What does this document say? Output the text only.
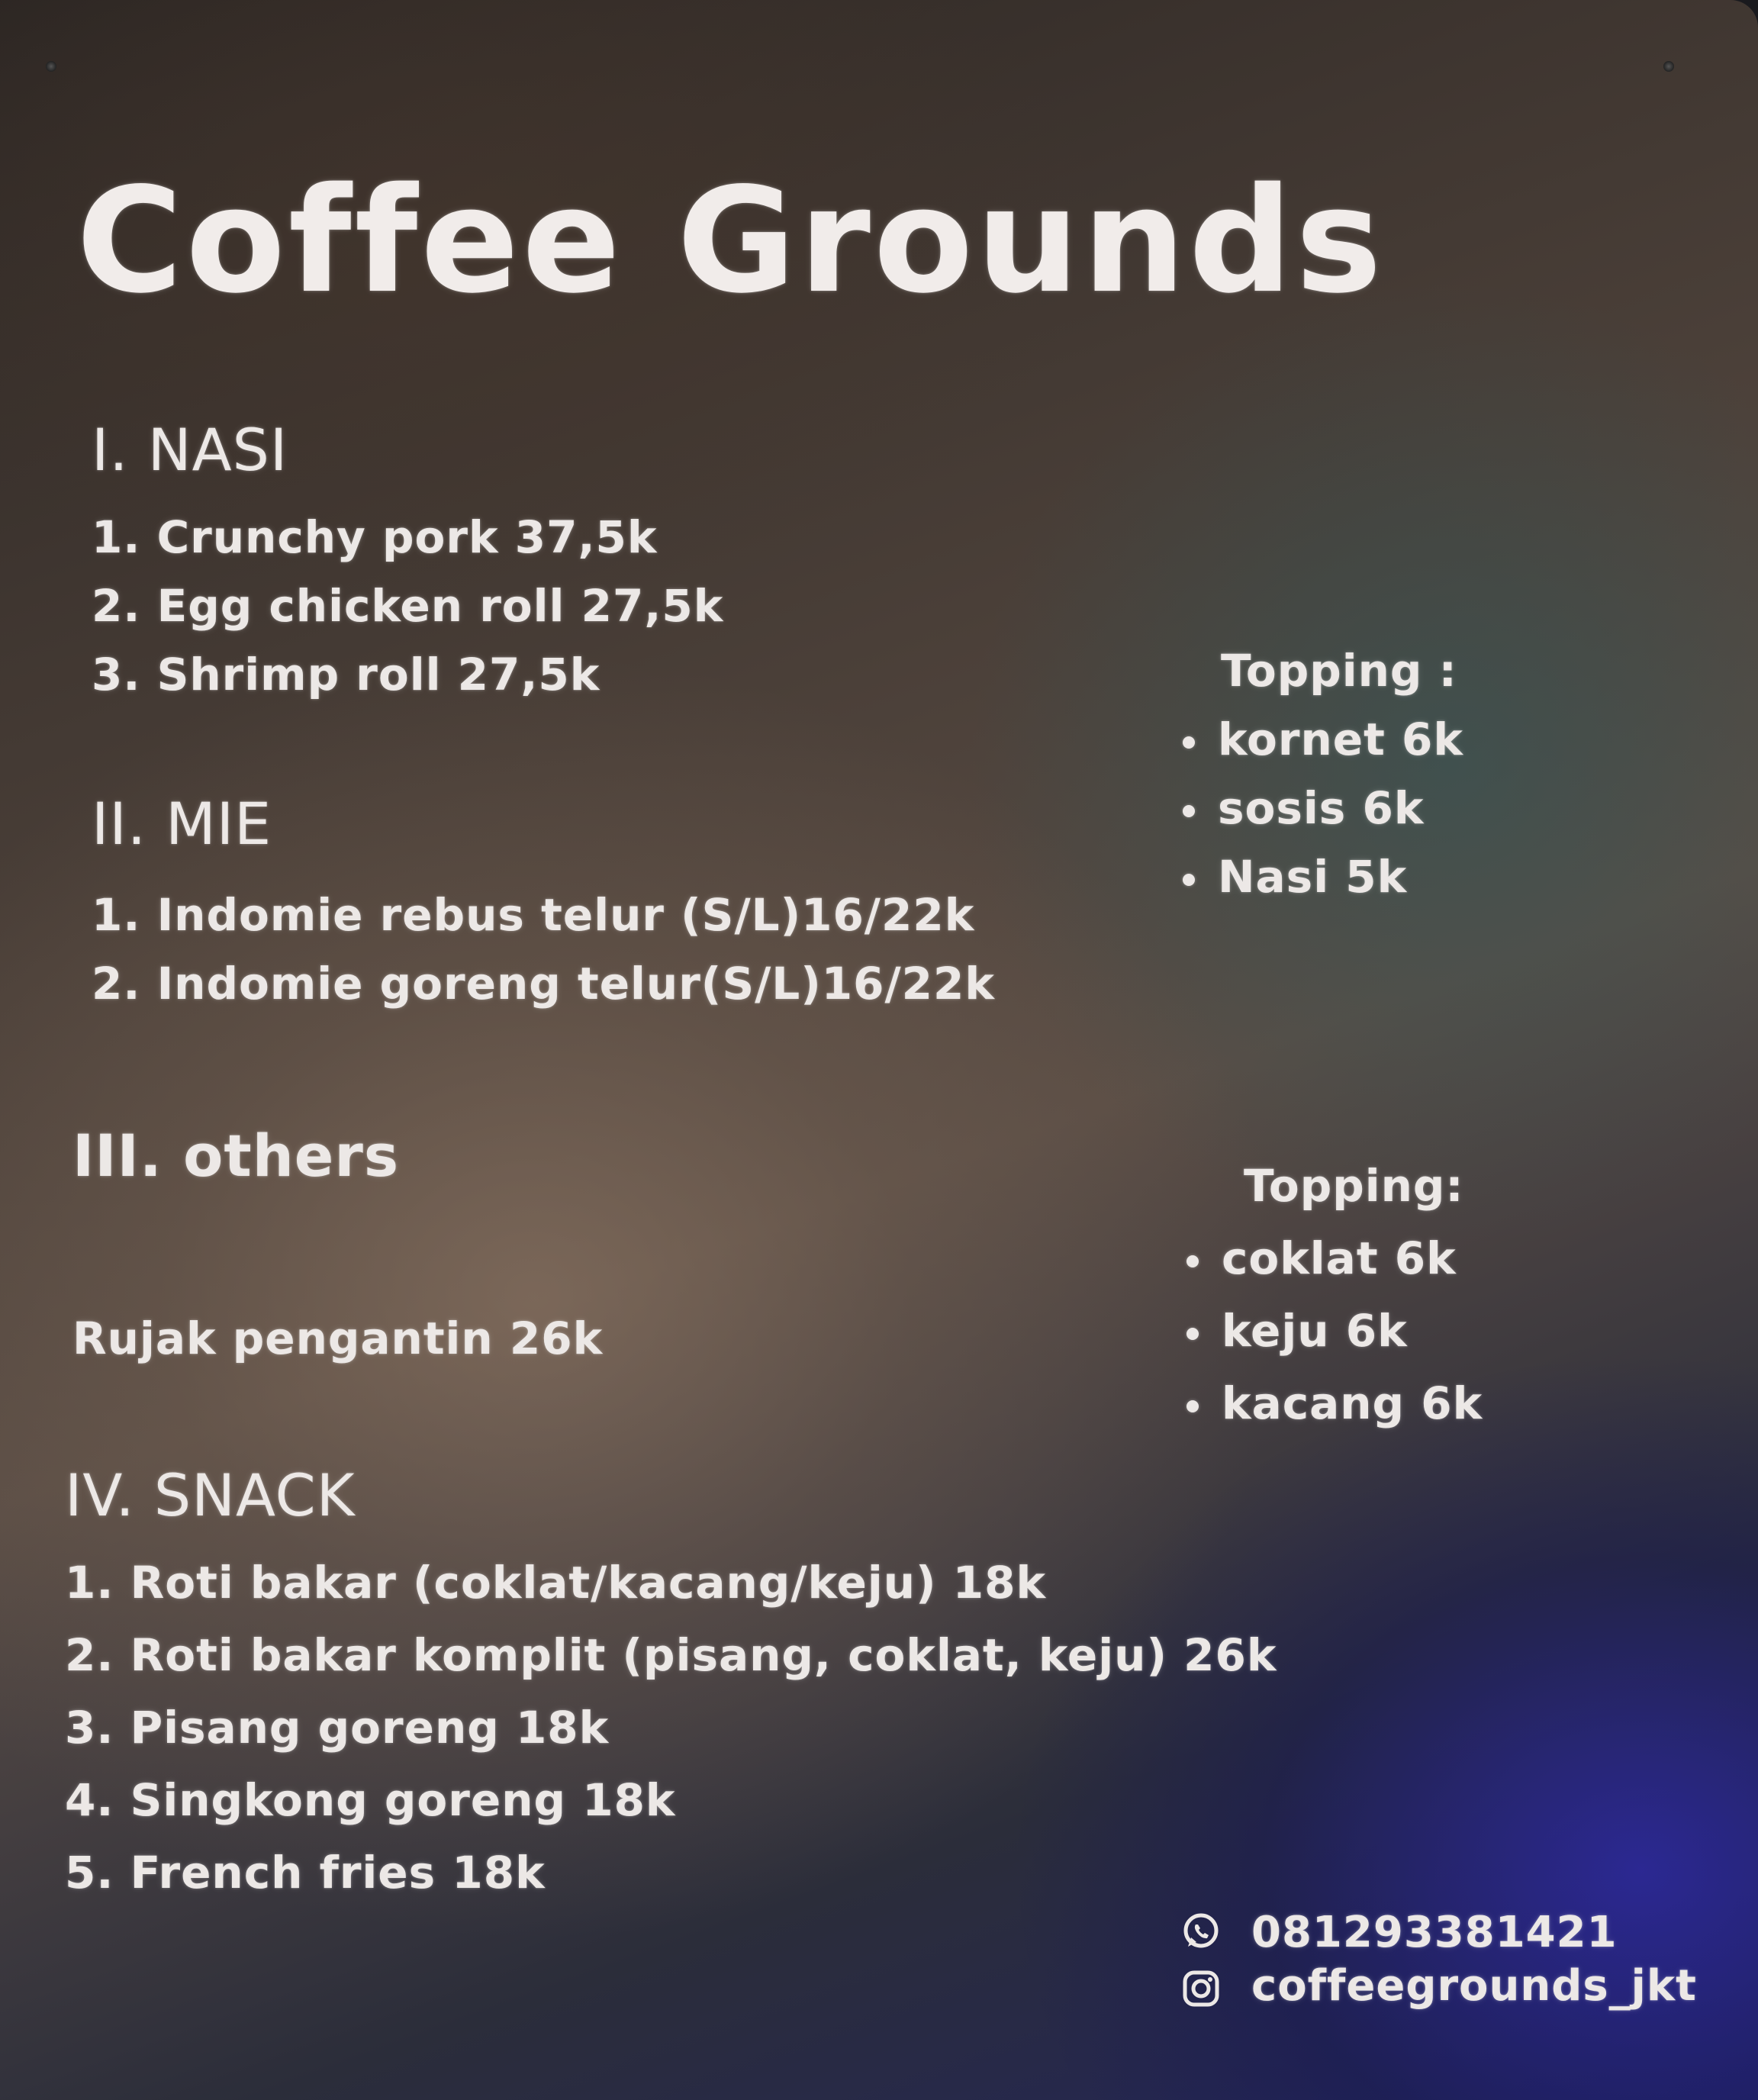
Coffee Grounds
I. NASI
1. Crunchy pork 37,5k
2. Egg chicken roll 27,5k
3. Shrimp roll 27,5k
II. MIE
1. Indomie rebus telur (S/L)16/22k
2. Indomie goreng telur(S/L)16/22k
III. others
Rujak pengantin 26k
IV. SNACK
1. Roti bakar (coklat/kacang/keju) 18k
2. Roti bakar komplit (pisang, coklat, keju) 26k
3. Pisang goreng 18k
4. Singkong goreng 18k
5. French fries 18k
Topping :
kornet 6k
sosis 6k
Nasi 5k
Topping:
coklat 6k
keju 6k
kacang 6k
081293381421
coffeegrounds_jkt
